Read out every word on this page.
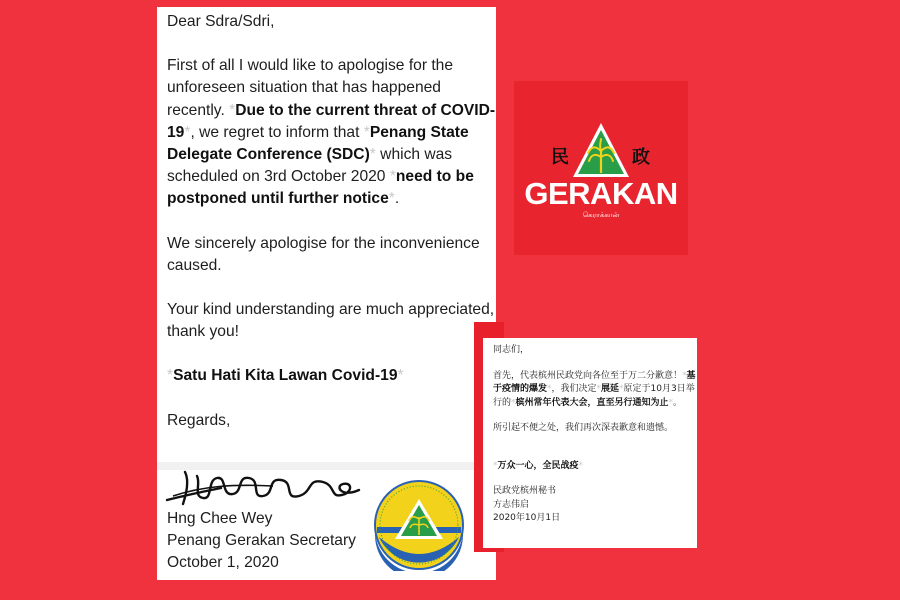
Dear Sdra/Sdri,

First of all I would like to apologise for the unforeseen situation that has happened recently. *Due to the current threat of COVID-19*, we regret to inform that *Penang State Delegate Conference (SDC)* which was scheduled on 3rd October 2020 *need to be postponed until further notice*.

We sincerely apologise for the inconvenience caused.

Your kind understanding are much appreciated, thank you!

*Satu Hati Kita Lawan Covid-19*

Regards,

Hng Chee Wey
Penang Gerakan Secretary
October 1, 2020
民	政
GERAKAN
கெராக்கான்

同志们，

首先，代表槟州民政党向各位至于万二分歉意！*基于疫情的爆发*，我们决定*展延*原定于10月3日举行的*槟州常年代表大会，直至另行通知为止*。

所引起不便之处，我们再次深表歉意和遗憾。

*万众一心，全民战疫*

民政党槟州秘书

方志伟启

2020年10月1日
